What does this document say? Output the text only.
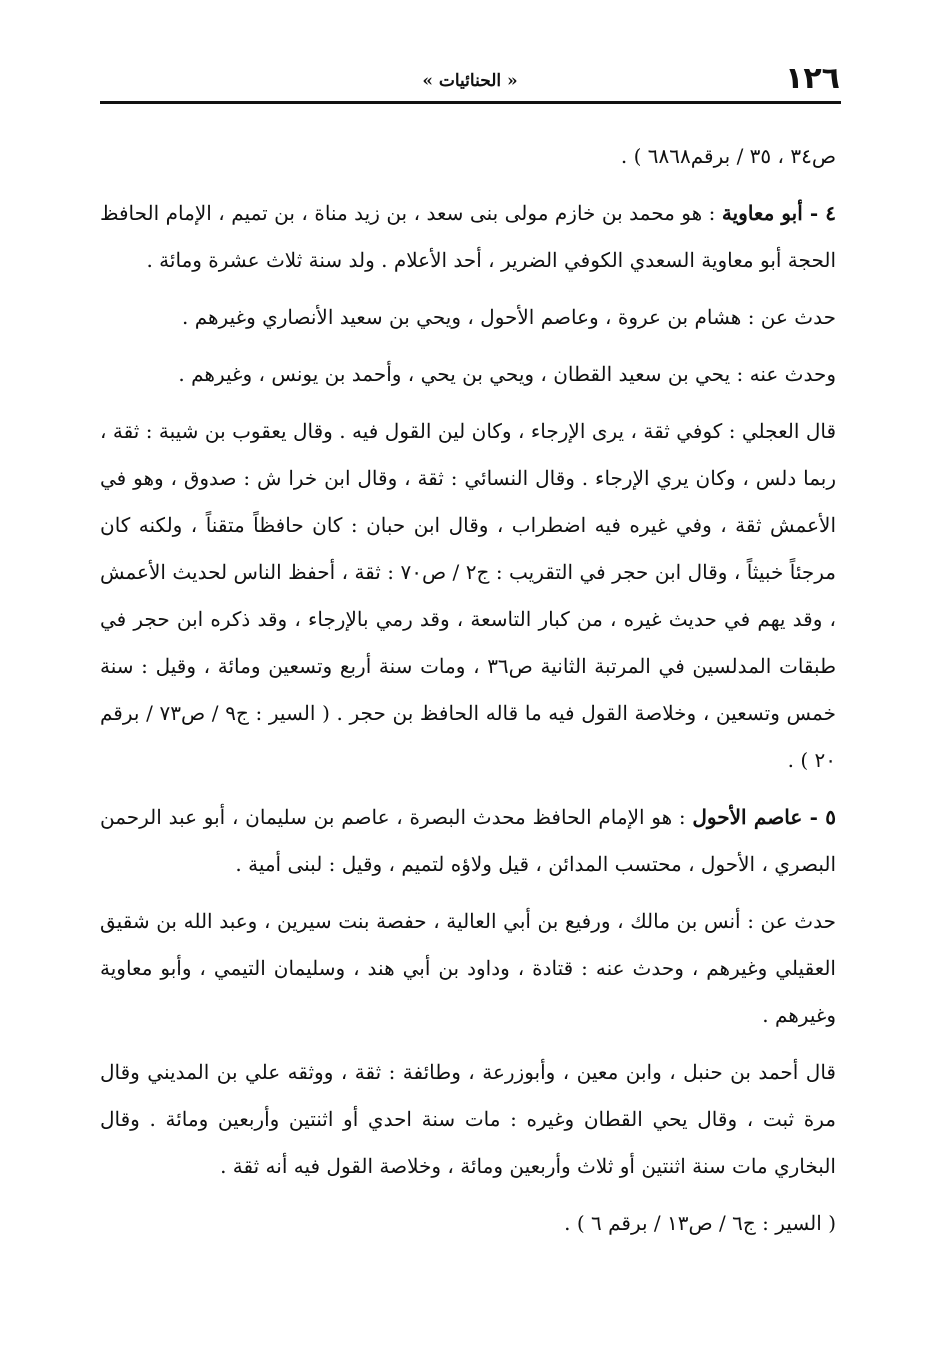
١٢٦
« الحنائيات »

ص٣٤ ، ٣٥ / برقم٦٨٦٨ ) .

٤ - أبو معاوية : هو محمد بن خازم مولى بنى سعد ، بن زيد مناة ، بن تميم ، الإمام الحافظ الحجة أبو معاوية السعدي الكوفي الضرير ، أحد الأعلام . ولد سنة ثلاث عشرة ومائة .

حدث عن : هشام بن عروة ، وعاصم الأحول ، ويحي بن سعيد الأنصاري وغيرهم .

وحدث عنه : يحي بن سعيد القطان ، ويحي بن يحي ، وأحمد بن يونس ، وغيرهم .

قال العجلي : كوفي ثقة ، يرى الإرجاء ، وكان لين القول فيه . وقال يعقوب بن شيبة : ثقة ، ربما دلس ، وكان يري الإرجاء . وقال النسائي : ثقة ، وقال ابن خرا ش : صدوق ، وهو في الأعمش ثقة ، وفي غيره فيه اضطراب ، وقال ابن حبان : كان حافظاً متقناً ، ولكنه كان مرجئاً خبيثاً ، وقال ابن حجر في التقريب : ج٢ / ص٧٠ : ثقة ، أحفظ الناس لحديث الأعمش ، وقد يهم في حديث غيره ، من كبار التاسعة ، وقد رمي بالإرجاء ، وقد ذكره ابن حجر في طبقات المدلسين في المرتبة الثانية ص٣٦ ، ومات سنة أربع وتسعين ومائة ، وقيل : سنة خمس وتسعين ، وخلاصة القول فيه ما قاله الحافظ بن حجر . ( السير : ج٩ / ص٧٣ / برقم ٢٠ ) .

٥ - عاصم الأحول : هو الإمام الحافظ محدث البصرة ، عاصم بن سليمان ، أبو عبد الرحمن البصري ، الأحول ، محتسب المدائن ، قيل ولاؤه لتميم ، وقيل : لبنى أمية .

حدث عن : أنس بن مالك ، ورفيع بن أبي العالية ، حفصة بنت سيرين ، وعبد الله بن شقيق العقيلي وغيرهم ، وحدث عنه : قتادة ، وداود بن أبي هند ، وسليمان التيمي ، وأبو معاوية وغيرهم .

قال أحمد بن حنبل ، وابن معين ، وأبوزرعة ، وطائفة : ثقة ، ووثقه علي بن المديني وقال مرة ثبت ، وقال يحي القطان وغيره : مات سنة احدي أو اثنتين وأربعين ومائة . وقال البخاري مات سنة اثنتين أو ثلاث وأربعين ومائة ، وخلاصة القول فيه أنه ثقة .

( السير : ج٦ / ص١٣ / برقم ٦ ) .
